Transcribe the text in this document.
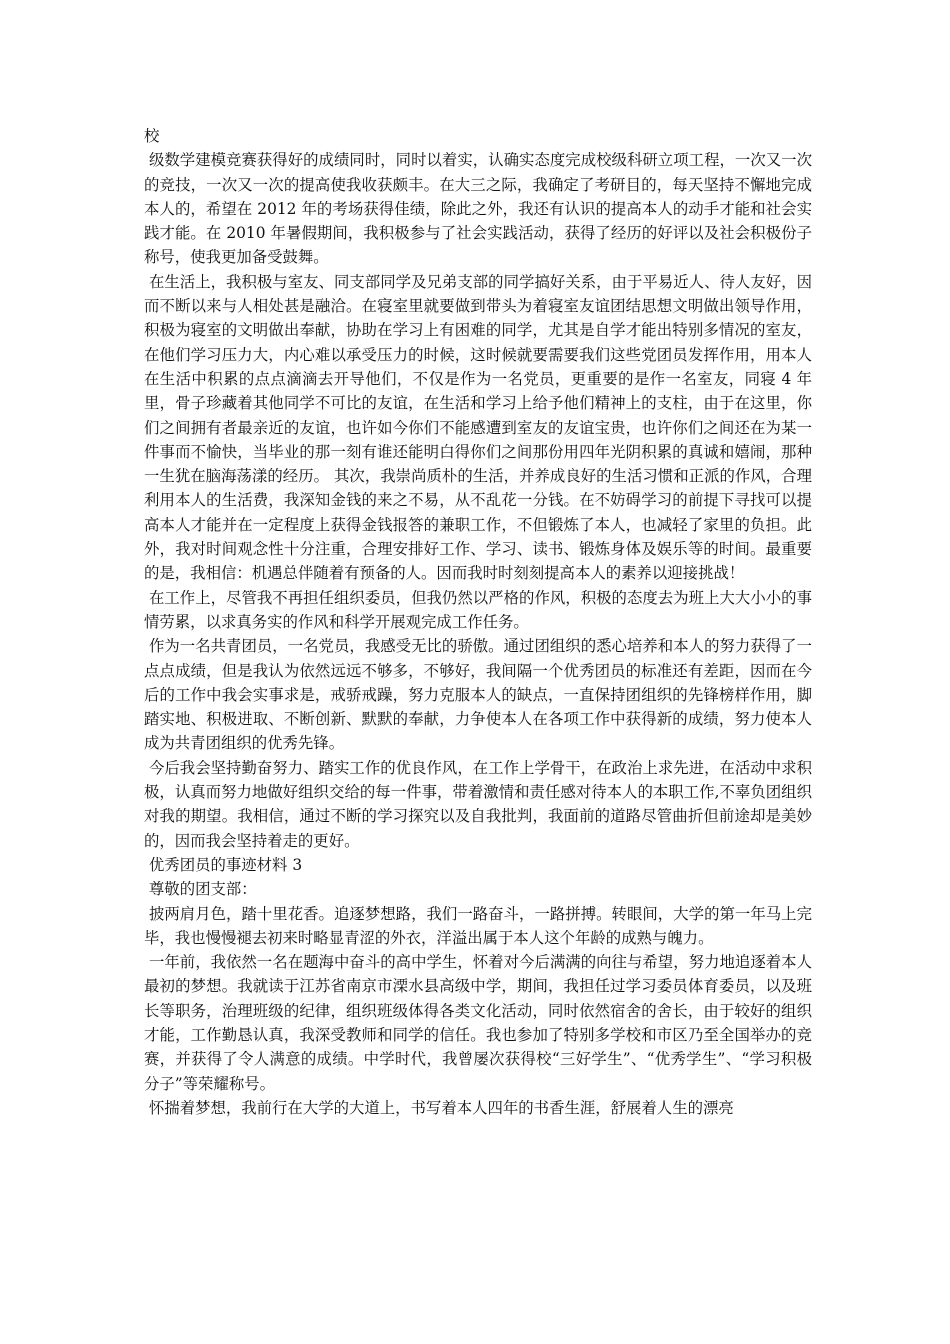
校

级数学建模竞赛获得好的成绩同时，同时以着实，认确实态度完成校级科研立项工程，一次又一次的竞技，一次又一次的提高使我收获颇丰。在大三之际，我确定了考研目的，每天坚持不懈地完成本人的，希望在 2012 年的考场获得佳绩，除此之外，我还有认识的提高本人的动手才能和社会实践才能。在 2010 年暑假期间，我积极参与了社会实践活动，获得了经历的好评以及社会积极份子称号，使我更加备受鼓舞。

在生活上，我积极与室友、同支部同学及兄弟支部的同学搞好关系，由于平易近人、待人友好，因而不断以来与人相处甚是融洽。在寝室里就要做到带头为着寝室友谊团结思想文明做出领导作用，积极为寝室的文明做出奉献，协助在学习上有困难的同学，尤其是自学才能出特别多情况的室友，在他们学习压力大，内心难以承受压力的时候，这时候就要需要我们这些党团员发挥作用，用本人在生活中积累的点点滴滴去开导他们，不仅是作为一名党员，更重要的是作一名室友，同寝 4 年里，骨子珍藏着其他同学不可比的友谊，在生活和学习上给予他们精神上的支柱，由于在这里，你们之间拥有者最亲近的友谊，也许如今你们不能感遭到室友的友谊宝贵，也许你们之间还在为某一件事而不愉快，当毕业的那一刻有谁还能明白得你们之间那份用四年光阴积累的真诚和嬉闹，那种一生犹在脑海荡漾的经历。 其次，我崇尚质朴的生活，并养成良好的生活习惯和正派的作风，合理利用本人的生活费，我深知金钱的来之不易，从不乱花一分钱。在不妨碍学习的前提下寻找可以提高本人才能并在一定程度上获得金钱报答的兼职工作，不但锻炼了本人，也减轻了家里的负担。此外，我对时间观念性十分注重，合理安排好工作、学习、读书、锻炼身体及娱乐等的时间。最重要的是，我相信：机遇总伴随着有预备的人。因而我时时刻刻提高本人的素养以迎接挑战！

在工作上，尽管我不再担任组织委员，但我仍然以严格的作风，积极的态度去为班上大大小小的事情劳累，以求真务实的作风和科学开展观完成工作任务。

作为一名共青团员，一名党员，我感受无比的骄傲。通过团组织的悉心培养和本人的努力获得了一点点成绩，但是我认为依然远远不够多，不够好，我间隔一个优秀团员的标准还有差距，因而在今后的工作中我会实事求是，戒骄戒躁，努力克服本人的缺点，一直保持团组织的先锋榜样作用，脚踏实地、积极进取、不断创新、默默的奉献，力争使本人在各项工作中获得新的成绩，努力使本人成为共青团组织的优秀先锋。

今后我会坚持勤奋努力、踏实工作的优良作风，在工作上学骨干，在政治上求先进，在活动中求积极，认真而努力地做好组织交给的每一件事，带着激情和责任感对待本人的本职工作,不辜负团组织对我的期望。我相信，通过不断的学习探究以及自我批判，我面前的道路尽管曲折但前途却是美妙的，因而我会坚持着走的更好。

优秀团员的事迹材料 3

尊敬的团支部：

披两肩月色，踏十里花香。追逐梦想路，我们一路奋斗，一路拼搏。转眼间，大学的第一年马上完毕，我也慢慢褪去初来时略显青涩的外衣，洋溢出属于本人这个年龄的成熟与魄力。

一年前，我依然一名在题海中奋斗的高中学生，怀着对今后满满的向往与希望，努力地追逐着本人最初的梦想。我就读于江苏省南京市溧水县高级中学，期间，我担任过学习委员体育委员，以及班长等职务，治理班级的纪律，组织班级体得各类文化活动，同时依然宿舍的舍长，由于较好的组织才能，工作勤恳认真，我深受教师和同学的信任。我也参加了特别多学校和市区乃至全国举办的竞赛，并获得了令人满意的成绩。中学时代，我曾屡次获得校“三好学生”、“优秀学生”、“学习积极分子”等荣耀称号。

怀揣着梦想，我前行在大学的大道上，书写着本人四年的书香生涯，舒展着人生的漂亮
